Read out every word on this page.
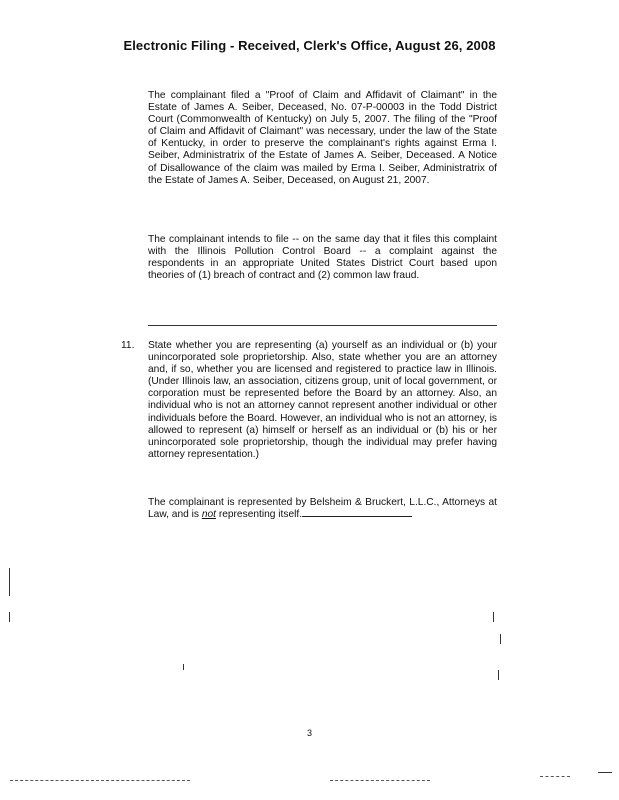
Electronic Filing - Received, Clerk's Office, August 26, 2008
The complainant filed a "Proof of Claim and Affidavit of Claimant" in the Estate of James A. Seiber, Deceased, No. 07-P-00003 in the Todd District Court (Commonwealth of Kentucky) on July 5, 2007. The filing of the "Proof of Claim and Affidavit of Claimant" was necessary, under the law of the State of Kentucky, in order to preserve the complainant's rights against Erma I. Seiber, Administratrix of the Estate of James A. Seiber, Deceased. A Notice of Disallowance of the claim was mailed by Erma I. Seiber, Administratrix of the Estate of James A. Seiber, Deceased, on August 21, 2007.
The complainant intends to file -- on the same day that it files this complaint with the Illinois Pollution Control Board -- a complaint against the respondents in an appropriate United States District Court based upon theories of (1) breach of contract and (2) common law fraud.
11. State whether you are representing (a) yourself as an individual or (b) your unincorporated sole proprietorship. Also, state whether you are an attorney and, if so, whether you are licensed and registered to practice law in Illinois. (Under Illinois law, an association, citizens group, unit of local government, or corporation must be represented before the Board by an attorney. Also, an individual who is not an attorney cannot represent another individual or other individuals before the Board. However, an individual who is not an attorney, is allowed to represent (a) himself or herself as an individual or (b) his or her unincorporated sole proprietorship, though the individual may prefer having attorney representation.)
The complainant is represented by Belsheim & Bruckert, L.L.C., Attorneys at Law, and is not representing itself.
3
